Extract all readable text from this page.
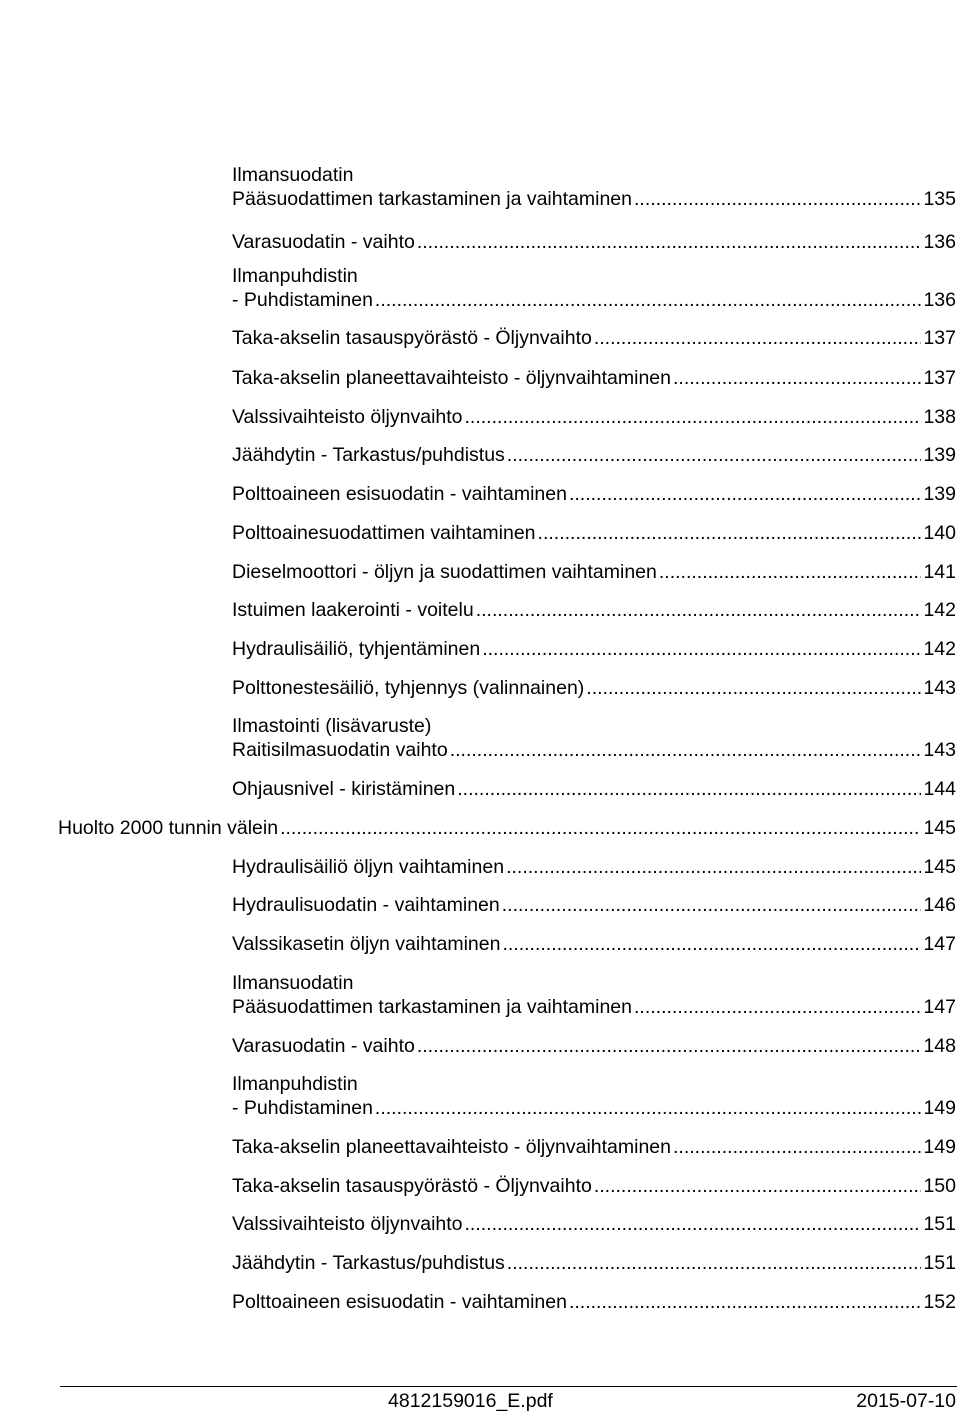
Ilmansuodatin
Pääsuodattimen tarkastaminen ja vaihtaminen .....	135
Varasuodatin - vaihto .....	136
Ilmanpuhdistin
- Puhdistaminen .....	136
Taka-akselin tasauspyörästö - Öljynvaihto .....	137
Taka-akselin planeettavaihteisto - öljynvaihtaminen .....	137
Valssivaihteisto öljynvaihto .....	138
Jäähdytin - Tarkastus/puhdistus .....	139
Polttoaineen esisuodatin - vaihtaminen .....	139
Polttoainesuodattimen vaihtaminen .....	140
Dieselmoottori - öljyn ja suodattimen vaihtaminen .....	141
Istuimen laakerointi - voitelu .....	142
Hydraulisäiliö, tyhjentäminen .....	142
Polttonestesäiliö, tyhjennys (valinnainen) .....	143
Ilmastointi (lisävaruste)
Raitisilmasuodatin vaihto .....	143
Ohjausnivel - kiristäminen .....	144
Huolto 2000 tunnin välein .....	145
Hydraulisäiliö öljyn vaihtaminen .....	145
Hydraulisuodatin - vaihtaminen .....	146
Valssikasetin öljyn vaihtaminen .....	147
Ilmansuodatin
Pääsuodattimen tarkastaminen ja vaihtaminen .....	147
Varasuodatin - vaihto .....	148
Ilmanpuhdistin
- Puhdistaminen .....	149
Taka-akselin planeettavaihteisto - öljynvaihtaminen .....	149
Taka-akselin tasauspyörästö - Öljynvaihto .....	150
Valssivaihteisto öljynvaihto .....	151
Jäähdytin - Tarkastus/puhdistus .....	151
Polttoaineen esisuodatin - vaihtaminen .....	152
4812159016_E.pdf	2015-07-10
